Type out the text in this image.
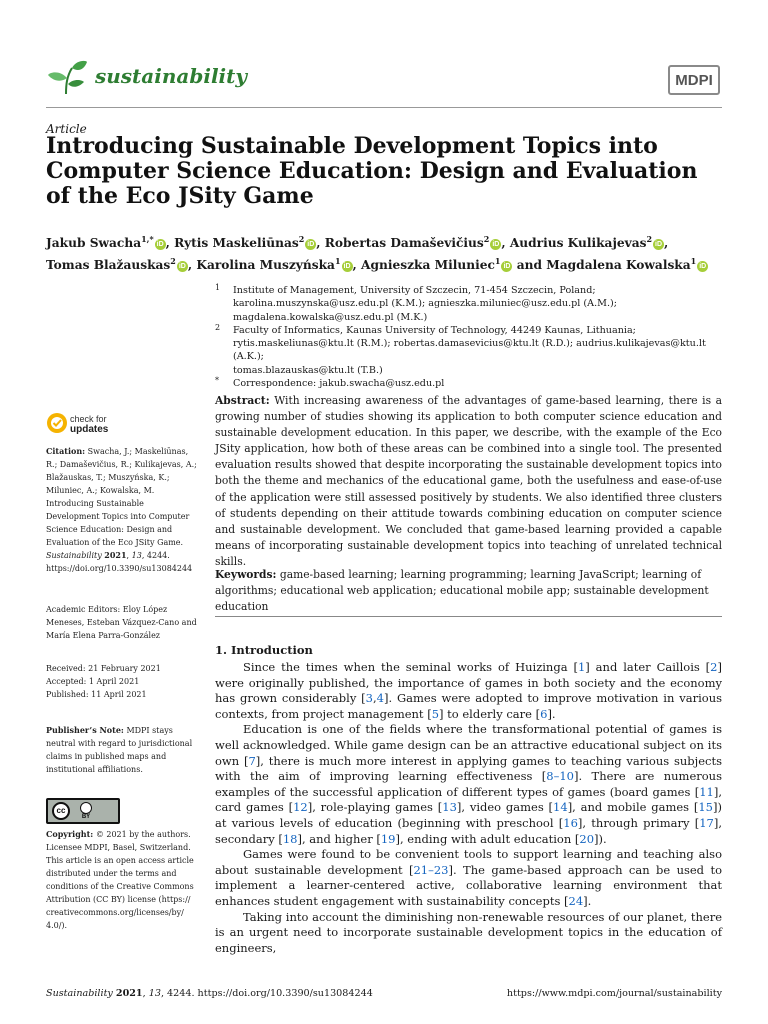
sustainability	MDPI
Article
Introducing Sustainable Development Topics into Computer Science Education: Design and Evaluation of the Eco JSity Game
Jakub Swacha$^{1,*}$iD , Rytis Maskeliūnas$^2$iD , Robertas Damaševičius$^2$iD , Audrius Kulikajevas$^2$iD ,
Tomas Blažauskas$^2$iD , Karolina Muszyńska$^1$iD , Agnieszka Miluniec$^1$iD and Magdalena Kowalska$^1$iD
1 Institute of Management, University of Szczecin, 71-454 Szczecin, Poland;
karolina.muszynska@usz.edu.pl (K.M.); agnieszka.miluniec@usz.edu.pl (A.M.);
magdalena.kowalska@usz.edu.pl (M.K.)
2 Faculty of Informatics, Kaunas University of Technology, 44249 Kaunas, Lithuania;
rytis.maskeliunas@ktu.lt (R.M.); robertas.damasevicius@ktu.lt (R.D.); audrius.kulikajevas@ktu.lt (A.K.);
tomas.blazauskas@ktu.lt (T.B.)
* Correspondence: jakub.swacha@usz.edu.pl
Abstract: With increasing awareness of the advantages of game-based learning, there is a growing number of studies showing its application to both computer science education and sustainable development education. In this paper, we describe, with the example of the Eco JSity application, how both of these areas can be combined into a single tool. The presented evaluation results showed that despite incorporating the sustainable development topics into both the theme and mechanics of the educational game, both the usefulness and ease-of-use of the application were still assessed positively by students. We also identified three clusters of students depending on their attitude towards combining education on computer science and sustainable development. We concluded that game-based learning provided a capable means of incorporating sustainable development topics into teaching of unrelated technical skills.
Keywords: game-based learning; learning programming; learning JavaScript; learning of algorithms; educational web application; educational mobile app; sustainable development education
1. Introduction

Since the times when the seminal works of Huizinga [1] and later Caillois [2] were originally published, the importance of games in both society and the economy has grown considerably [3,4]. Games were adopted to improve motivation in various contexts, from project management [5] to elderly care [6].

Education is one of the fields where the transformational potential of games is well acknowledged. While game design can be an attractive educational subject on its own [7], there is much more interest in applying games to teaching various subjects with the aim of improving learning effectiveness [8–10]. There are numerous examples of the successful application of different types of games (board games [11], card games [12], role-playing games [13], video games [14], and mobile games [15]) at various levels of education (beginning with preschool [16], through primary [17], secondary [18], and higher [19], ending with adult education [20]).

Games were found to be convenient tools to support learning and teaching also about sustainable development [21–23]. The game-based approach can be used to implement a learner-centered active, collaborative learning environment that enhances student engagement with sustainability concepts [24].

Taking into account the diminishing non-renewable resources of our planet, there is an urgent need to incorporate sustainable development topics in the education of engineers,

check for
updates
Citation: Swacha, J.; Maskeliūnas, R.; Damaševičius, R.; Kulikajevas, A.; Blažauskas, T.; Muszyńska, K.; Miluniec, A.; Kowalska, M. Introducing Sustainable Development Topics into Computer Science Education: Design and Evaluation of the Eco JSity Game. Sustainability 2021, 13, 4244. https://doi.org/10.3390/su13084244
Academic Editors: Eloy López Meneses, Esteban Vázquez-Cano and María Elena Parra-González
Received: 21 February 2021
Accepted: 1 April 2021
Published: 11 April 2021
Publisher’s Note: MDPI stays neutral with regard to jurisdictional claims in published maps and institutional affiliations.
cc
BY
Copyright: © 2021 by the authors. Licensee MDPI, Basel, Switzerland. This article is an open access article distributed under the terms and conditions of the Creative Commons Attribution (CC BY) license (https:// creativecommons.org/licenses/by/ 4.0/).
Sustainability 2021, 13, 4244. https://doi.org/10.3390/su13084244	https://www.mdpi.com/journal/sustainability
